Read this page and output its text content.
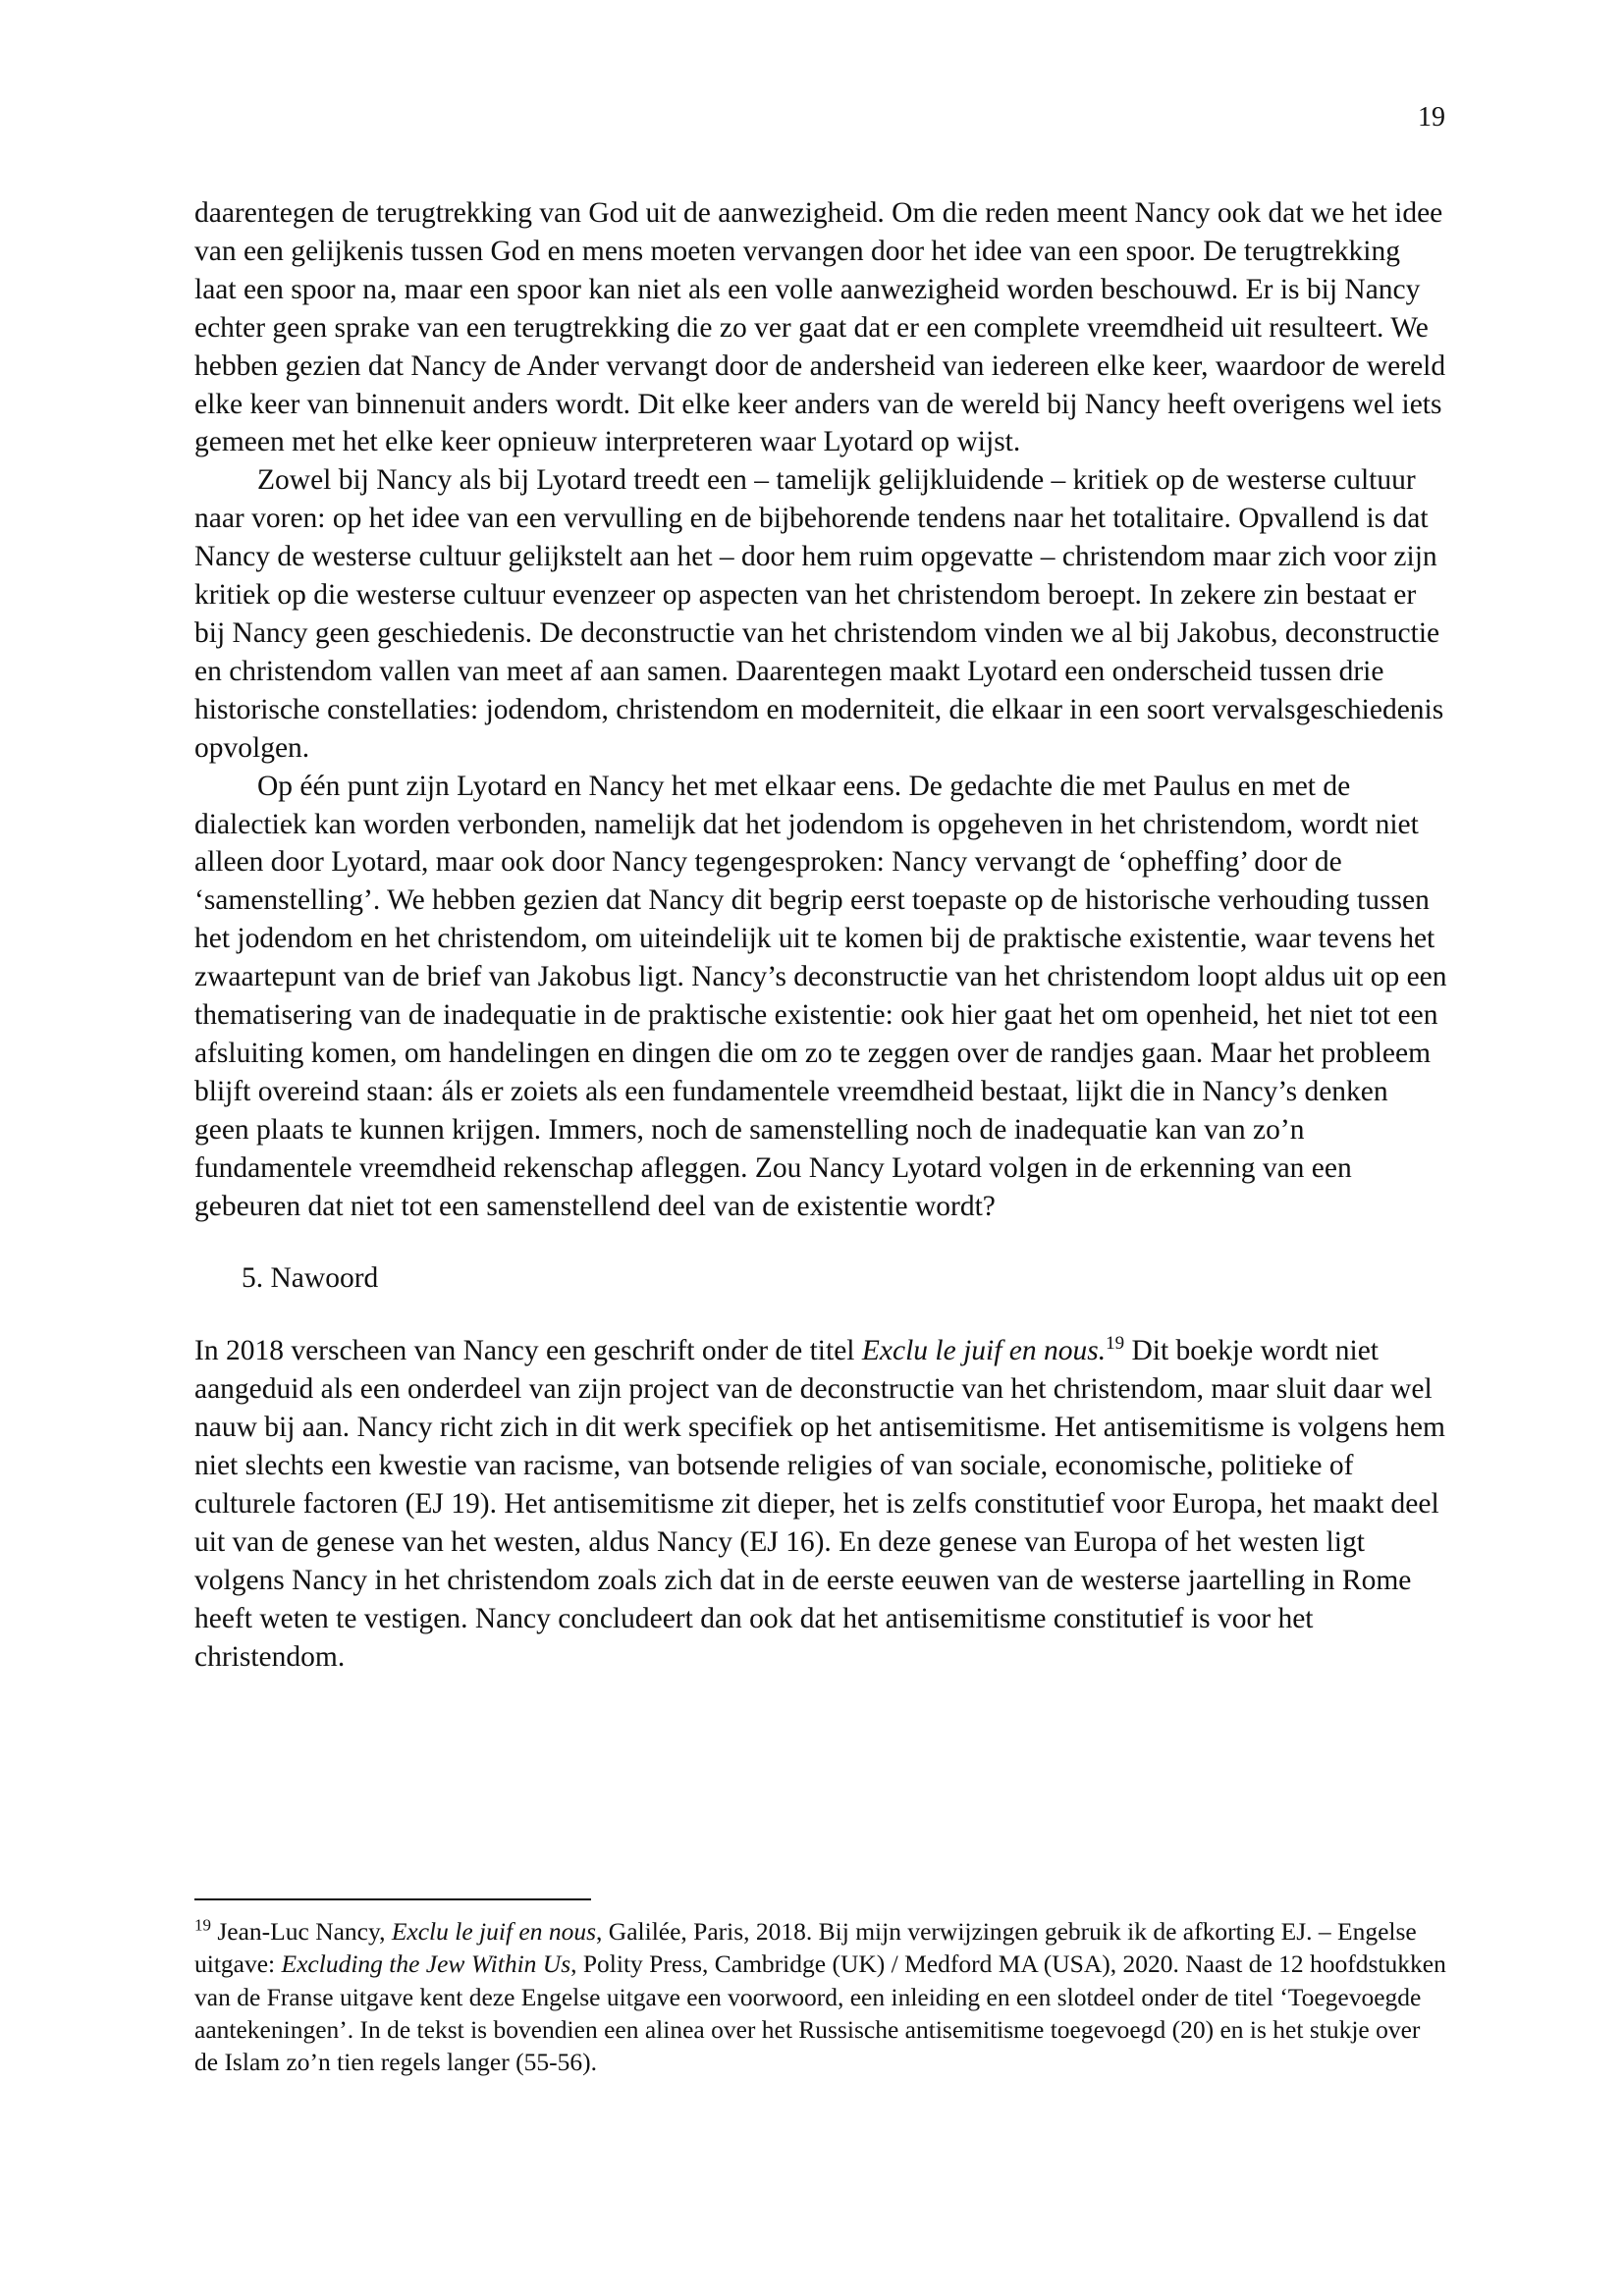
19

daarentegen de terugtrekking van God uit de aanwezigheid. Om die reden meent Nancy ook dat we het idee van een gelijkenis tussen God en mens moeten vervangen door het idee van een spoor. De terugtrekking laat een spoor na, maar een spoor kan niet als een volle aanwezigheid worden beschouwd. Er is bij Nancy echter geen sprake van een terugtrekking die zo ver gaat dat er een complete vreemdheid uit resulteert. We hebben gezien dat Nancy de Ander vervangt door de andersheid van iedereen elke keer, waardoor de wereld elke keer van binnenuit anders wordt. Dit elke keer anders van de wereld bij Nancy heeft overigens wel iets gemeen met het elke keer opnieuw interpreteren waar Lyotard op wijst.

Zowel bij Nancy als bij Lyotard treedt een – tamelijk gelijkluidende – kritiek op de westerse cultuur naar voren: op het idee van een vervulling en de bijbehorende tendens naar het totalitaire. Opvallend is dat Nancy de westerse cultuur gelijkstelt aan het – door hem ruim opgevatte – christendom maar zich voor zijn kritiek op die westerse cultuur evenzeer op aspecten van het christendom beroept. In zekere zin bestaat er bij Nancy geen geschiedenis. De deconstructie van het christendom vinden we al bij Jakobus, deconstructie en christendom vallen van meet af aan samen. Daarentegen maakt Lyotard een onderscheid tussen drie historische constellaties: jodendom, christendom en moderniteit, die elkaar in een soort vervalsgeschiedenis opvolgen.

Op één punt zijn Lyotard en Nancy het met elkaar eens. De gedachte die met Paulus en met de dialectiek kan worden verbonden, namelijk dat het jodendom is opgeheven in het christendom, wordt niet alleen door Lyotard, maar ook door Nancy tegengesproken: Nancy vervangt de ‘opheffing’ door de ‘samenstelling’. We hebben gezien dat Nancy dit begrip eerst toepaste op de historische verhouding tussen het jodendom en het christendom, om uiteindelijk uit te komen bij de praktische existentie, waar tevens het zwaartepunt van de brief van Jakobus ligt. Nancy’s deconstructie van het christendom loopt aldus uit op een thematisering van de inadequatie in de praktische existentie: ook hier gaat het om openheid, het niet tot een afsluiting komen, om handelingen en dingen die om zo te zeggen over de randjes gaan. Maar het probleem blijft overeind staan: áls er zoiets als een fundamentele vreemdheid bestaat, lijkt die in Nancy’s denken geen plaats te kunnen krijgen. Immers, noch de samenstelling noch de inadequatie kan van zo’n fundamentele vreemdheid rekenschap afleggen. Zou Nancy Lyotard volgen in de erkenning van een gebeuren dat niet tot een samenstellend deel van de existentie wordt?

5. Nawoord

In 2018 verscheen van Nancy een geschrift onder de titel Exclu le juif en nous.$^{19}$ Dit boekje wordt niet aangeduid als een onderdeel van zijn project van de deconstructie van het christendom, maar sluit daar wel nauw bij aan. Nancy richt zich in dit werk specifiek op het antisemitisme. Het antisemitisme is volgens hem niet slechts een kwestie van racisme, van botsende religies of van sociale, economische, politieke of culturele factoren (EJ 19). Het antisemitisme zit dieper, het is zelfs constitutief voor Europa, het maakt deel uit van de genese van het westen, aldus Nancy (EJ 16). En deze genese van Europa of het westen ligt volgens Nancy in het christendom zoals zich dat in de eerste eeuwen van de westerse jaartelling in Rome heeft weten te vestigen. Nancy concludeert dan ook dat het antisemitisme constitutief is voor het christendom.

$^{19}$ Jean-Luc Nancy, Exclu le juif en nous, Galilée, Paris, 2018. Bij mijn verwijzingen gebruik ik de afkorting EJ. – Engelse uitgave: Excluding the Jew Within Us, Polity Press, Cambridge (UK) / Medford MA (USA), 2020. Naast de 12 hoofdstukken van de Franse uitgave kent deze Engelse uitgave een voorwoord, een inleiding en een slotdeel onder de titel ‘Toegevoegde aantekeningen’. In de tekst is bovendien een alinea over het Russische antisemitisme toegevoegd (20) en is het stukje over de Islam zo’n tien regels langer (55-56).
